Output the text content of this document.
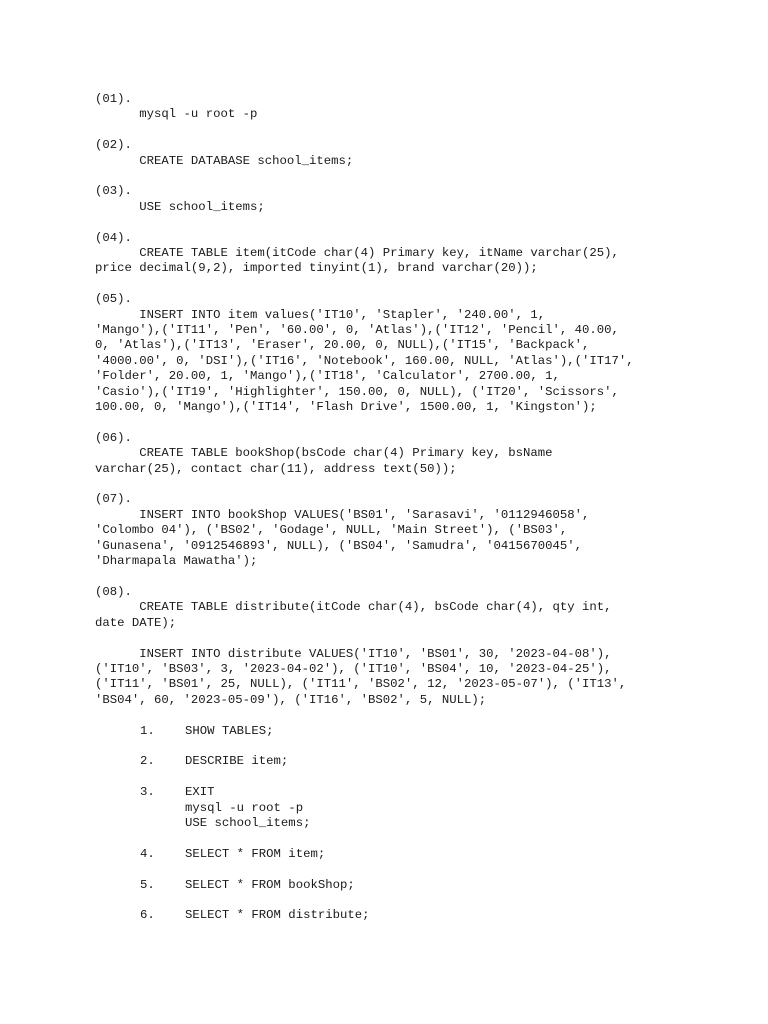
(01).
mysql -u root -p
(02).
CREATE DATABASE school_items;
(03).
USE school_items;
(04).
CREATE TABLE item(itCode char(4) Primary key, itName varchar(25),
price decimal(9,2), imported tinyint(1), brand varchar(20));
(05).
INSERT INTO item values('IT10', 'Stapler', '240.00', 1,
'Mango'),('IT11', 'Pen', '60.00', 0, 'Atlas'),('IT12', 'Pencil', 40.00,
0, 'Atlas'),('IT13', 'Eraser', 20.00, 0, NULL),('IT15', 'Backpack',
'4000.00', 0, 'DSI'),('IT16', 'Notebook', 160.00, NULL, 'Atlas'),('IT17',
'Folder', 20.00, 1, 'Mango'),('IT18', 'Calculator', 2700.00, 1,
'Casio'),('IT19', 'Highlighter', 150.00, 0, NULL), ('IT20', 'Scissors',
100.00, 0, 'Mango'),('IT14', 'Flash Drive', 1500.00, 1, 'Kingston');
(06).
CREATE TABLE bookShop(bsCode char(4) Primary key, bsName
varchar(25), contact char(11), address text(50));
(07).
INSERT INTO bookShop VALUES('BS01', 'Sarasavi', '0112946058',
'Colombo 04'), ('BS02', 'Godage', NULL, 'Main Street'), ('BS03',
'Gunasena', '0912546893', NULL), ('BS04', 'Samudra', '0415670045',
'Dharmapala Mawatha');
(08).
CREATE TABLE distribute(itCode char(4), bsCode char(4), qty int,
date DATE);

INSERT INTO distribute VALUES('IT10', 'BS01', 30, '2023-04-08'),
('IT10', 'BS03', 3, '2023-04-02'), ('IT10', 'BS04', 10, '2023-04-25'),
('IT11', 'BS01', 25, NULL), ('IT11', 'BS02', 12, '2023-05-07'), ('IT13',
'BS04', 60, '2023-05-09'), ('IT16', 'BS02', 5, NULL);
1.	SHOW TABLES;
2.	DESCRIBE item;
3.	EXIT
mysql -u root -p
USE school_items;
4.	SELECT * FROM item;
5.	SELECT * FROM bookShop;
6.	SELECT * FROM distribute;
